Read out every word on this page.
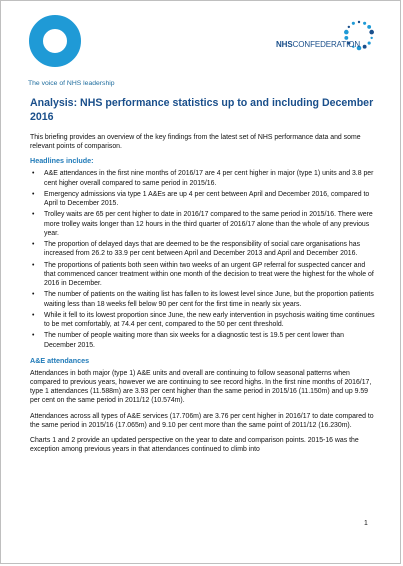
The voice of NHS leadership
NHSCONFEDERATION
Analysis: NHS performance statistics up to and including December 2016

This briefing provides an overview of the key findings from the latest set of NHS performance data and some relevant points of comparison.

Headlines include:
• A&E attendances in the first nine months of 2016/17 are 4 per cent higher in major (type 1) units and 3.8 per cent higher overall compared to same period in 2015/16.
• Emergency admissions via type 1 A&Es are up 4 per cent between April and December 2016, compared to April to December 2015.
• Trolley waits are 65 per cent higher to date in 2016/17 compared to the same period in 2015/16. There were more trolley waits longer than 12 hours in the third quarter of 2016/17 alone than the whole of any previous year.
• The proportion of delayed days that are deemed to be the responsibility of social care organisations has increased from 26.2 to 33.9 per cent between April and December 2013 and April and December 2016.
• The proportions of patients both seen within two weeks of an urgent GP referral for suspected cancer and that commenced cancer treatment within one month of the decision to treat were the highest for the whole of 2016 in December.
• The number of patients on the waiting list has fallen to its lowest level since June, but the proportion patients waiting less than 18 weeks fell below 90 per cent for the first time in nearly six years.
• While it fell to its lowest proportion since June, the new early intervention in psychosis waiting time continues to be met comfortably, at 74.4 per cent, compared to the 50 per cent threshold.
• The number of people waiting more than six weeks for a diagnostic test is 19.5 per cent lower than December 2015.
A&E attendances

Attendances in both major (type 1) A&E units and overall are continuing to follow seasonal patterns when compared to previous years, however we are continuing to see record highs. In the first nine months of 2016/17, type 1 attendances (11.588m) are 3.93 per cent higher than the same period in 2015/16 (11.150m) and up 9.59 per cent on the same period in 2011/12 (10.574m).

Attendances across all types of A&E services (17.706m) are 3.76 per cent higher in 2016/17 to date compared to the same period in 2015/16 (17.065m) and 9.10 per cent more than the same point of 2011/12 (16.230m).

Charts 1 and 2 provide an updated perspective on the year to date and comparison points. 2015-16 was the exception among previous years in that attendances continued to climb into

1
